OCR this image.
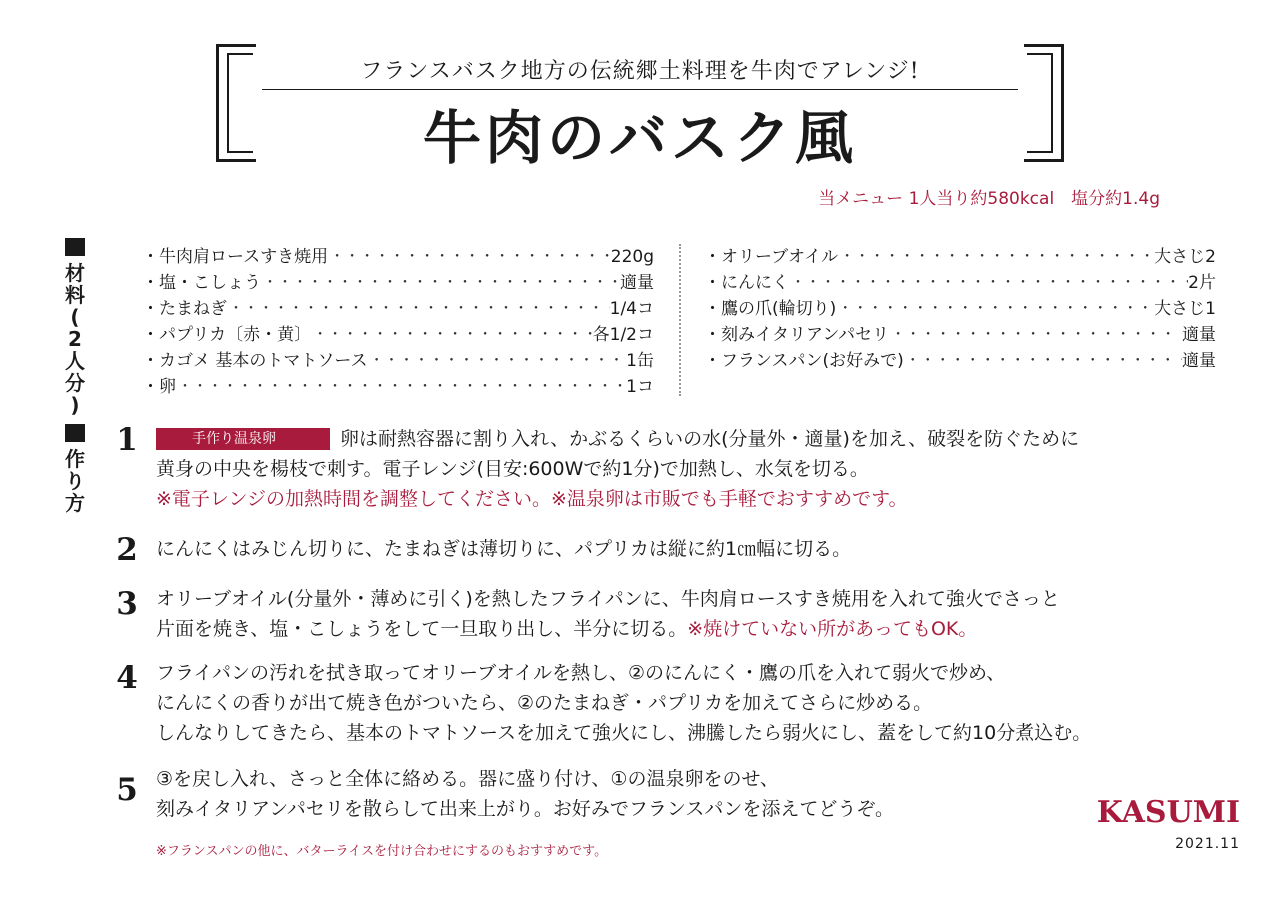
フランスバスク地方の伝統郷土料理を牛肉でアレンジ!
牛肉のバスク風
当メニュー 1人当り約580kcal　塩分約1.4g
材料(2人分)
・牛肉肩ロースすき焼用 ・・・・・・・・・・・・・・・・・・・・・・・・・・・・・・・・・・・・・・・・・・・・・・・・・・・・・・	220g
・塩・こしょう ・・・・・・・・・・・・・・・・・・・・・・・・・・・・・・・・・・・・・・・・・・・・・・・・・・・・・・	適量
・たまねぎ ・・・・・・・・・・・・・・・・・・・・・・・・・・・・・・・・・・・・・・・・・・・・・・・・・・・・・・	1/4コ
・パプリカ〔赤・黄〕 ・・・・・・・・・・・・・・・・・・・・・・・・・・・・・・・・・・・・・・・・・・・・・・・・・・・・・・	各1/2コ
・カゴメ 基本のトマトソース ・・・・・・・・・・・・・・・・・・・・・・・・・・・・・・・・・・・・・・・・・・・・・・・・・・・・・・	1缶
・卵 ・・・・・・・・・・・・・・・・・・・・・・・・・・・・・・・・・・・・・・・・・・・・・・・・・・・・・・	1コ
・オリーブオイル ・・・・・・・・・・・・・・・・・・・・・・・・・・・・・・・・・・・・・・・・・・・・・・・・・・・・・・	大さじ2
・にんにく ・・・・・・・・・・・・・・・・・・・・・・・・・・・・・・・・・・・・・・・・・・・・・・・・・・・・・・	2片
・鷹の爪(輪切り) ・・・・・・・・・・・・・・・・・・・・・・・・・・・・・・・・・・・・・・・・・・・・・・・・・・・・・・	大さじ1
・刻みイタリアンパセリ ・・・・・・・・・・・・・・・・・・・・・・・・・・・・・・・・・・・・・・・・・・・・・・・・・・・・・・	適量
・フランスパン(お好みで) ・・・・・・・・・・・・・・・・・・・・・・・・・・・・・・・・・・・・・・・・・・・・・・・・・・・・・・	適量
作り方
1	手作り温泉卵	卵は耐熱容器に割り入れ、かぶるくらいの水(分量外・適量)を加え、破裂を防ぐために

黄身の中央を楊枝で刺す。電子レンジ(目安:600Wで約1分)で加熱し、水気を切る。

※電子レンジの加熱時間を調整してください。※温泉卵は市販でも手軽でおすすめです。

2 にんにくはみじん切りに、たまねぎは薄切りに、パプリカは縦に約1㎝幅に切る。

3 オリーブオイル(分量外・薄めに引く)を熱したフライパンに、牛肉肩ロースすき焼用を入れて強火でさっと

片面を焼き、塩・こしょうをして一旦取り出し、半分に切る。※焼けていない所があってもOK。

4 フライパンの汚れを拭き取ってオリーブオイルを熱し、②のにんにく・鷹の爪を入れて弱火で炒め、

にんにくの香りが出て焼き色がついたら、②のたまねぎ・パプリカを加えてさらに炒める。

しんなりしてきたら、基本のトマトソースを加えて強火にし、沸騰したら弱火にし、蓋をして約10分煮込む。

5 ③を戻し入れ、さっと全体に絡める。器に盛り付け、①の温泉卵をのせ、

刻みイタリアンパセリを散らして出来上がり。お好みでフランスパンを添えてどうぞ。

※フランスパンの他に、バターライスを付け合わせにするのもおすすめです。
KASUMI
2021.11
